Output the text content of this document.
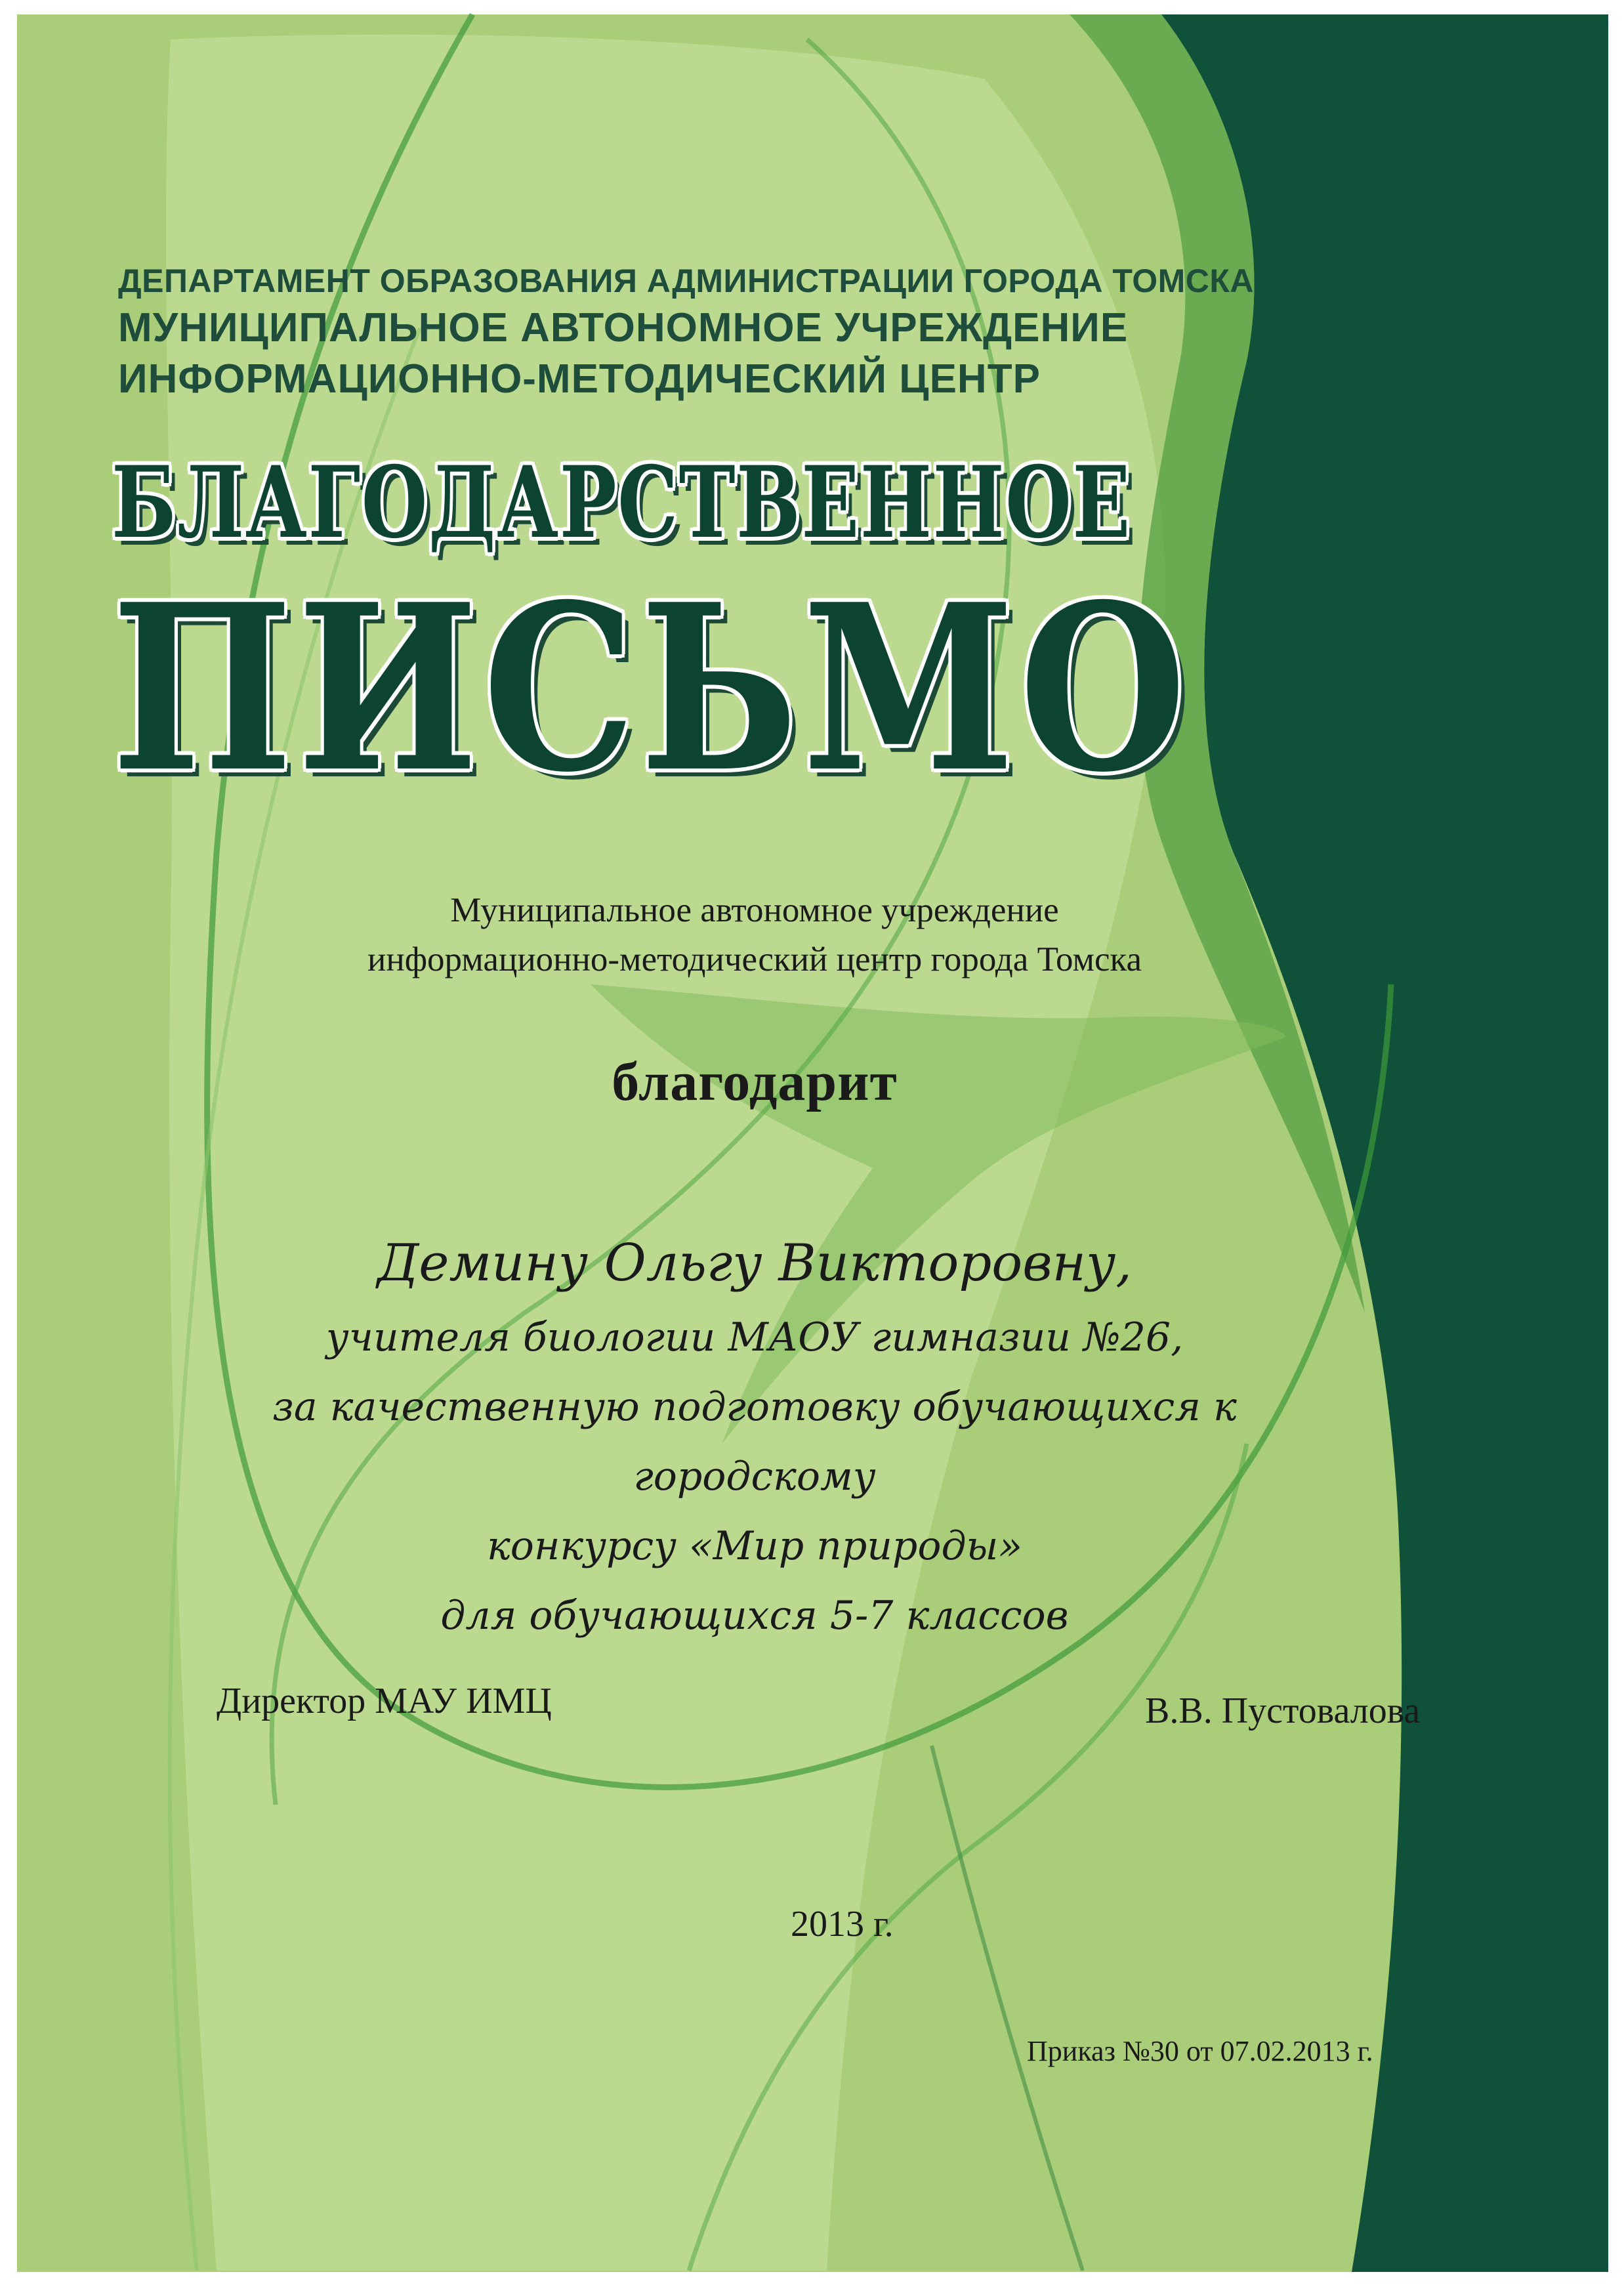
ДЕПАРТАМЕНТ ОБРАЗОВАНИЯ АДМИНИСТРАЦИИ ГОРОДА ТОМСКА
МУНИЦИПАЛЬНОЕ АВТОНОМНОЕ УЧРЕЖДЕНИЕ
ИНФОРМАЦИОННО-МЕТОДИЧЕСКИЙ ЦЕНТР
БЛАГОДАРСТВЕННОЕ
ПИСЬМО
Муниципальное автономное учреждение
информационно-методический центр города Томска
благодарит
Демину Ольгу Викторовну,
учителя биологии МАОУ гимназии №26,
за качественную подготовку обучающихся к городскому
конкурсу «Мир природы»
для обучающихся 5-7 классов
Директор МАУ ИМЦ	В.В. Пустовалова
2013 г.
Приказ №30 от 07.02.2013 г.
